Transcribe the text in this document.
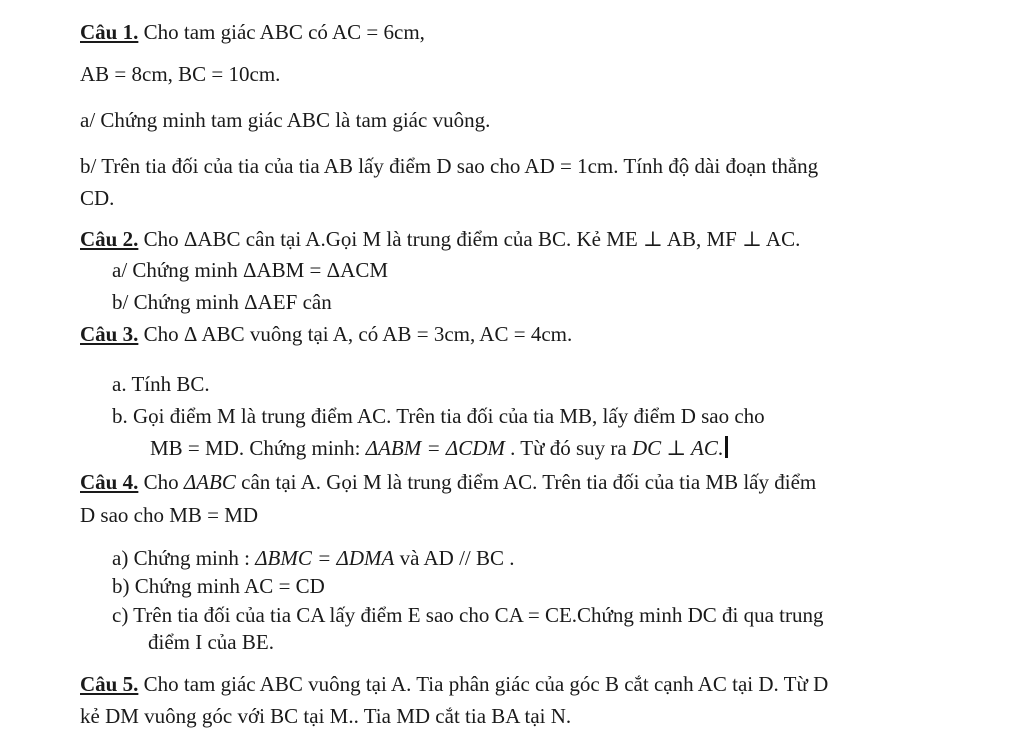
Câu 1. Cho tam giác ABC có AC = 6cm,
AB = 8cm, BC = 10cm.
a/ Chứng minh tam giác ABC là tam giác vuông.
b/ Trên tia đối của tia của tia AB lấy điểm D sao cho AD = 1cm. Tính độ dài đoạn thẳng
CD.
Câu 2. Cho ΔABC cân tại A.Gọi M là trung điểm của BC. Kẻ ME ⊥ AB, MF ⊥ AC.
a/ Chứng minh ΔABM = ΔACM
b/ Chứng minh ΔAEF cân
Câu 3. Cho Δ ABC vuông tại A, có AB = 3cm, AC = 4cm.
a. Tính BC.
b. Gọi điểm M là trung điểm AC. Trên tia đối của tia MB, lấy điểm D sao cho
MB = MD. Chứng minh: ΔABM = ΔCDM . Từ đó suy ra DC ⊥ AC.
Câu 4. Cho ΔABC cân tại A. Gọi M là trung điểm AC. Trên tia đối của tia MB lấy điểm
D sao cho MB = MD
a) Chứng minh : ΔBMC = ΔDMA và AD // BC .
b) Chứng minh AC = CD
c) Trên tia đối của tia CA lấy điểm E sao cho CA = CE.Chứng minh DC đi qua trung
điểm I của BE.
Câu 5. Cho tam giác ABC vuông tại A. Tia phân giác của góc B cắt cạnh AC tại D. Từ D
kẻ DM vuông góc với BC tại M.. Tia MD cắt tia BA tại N.
